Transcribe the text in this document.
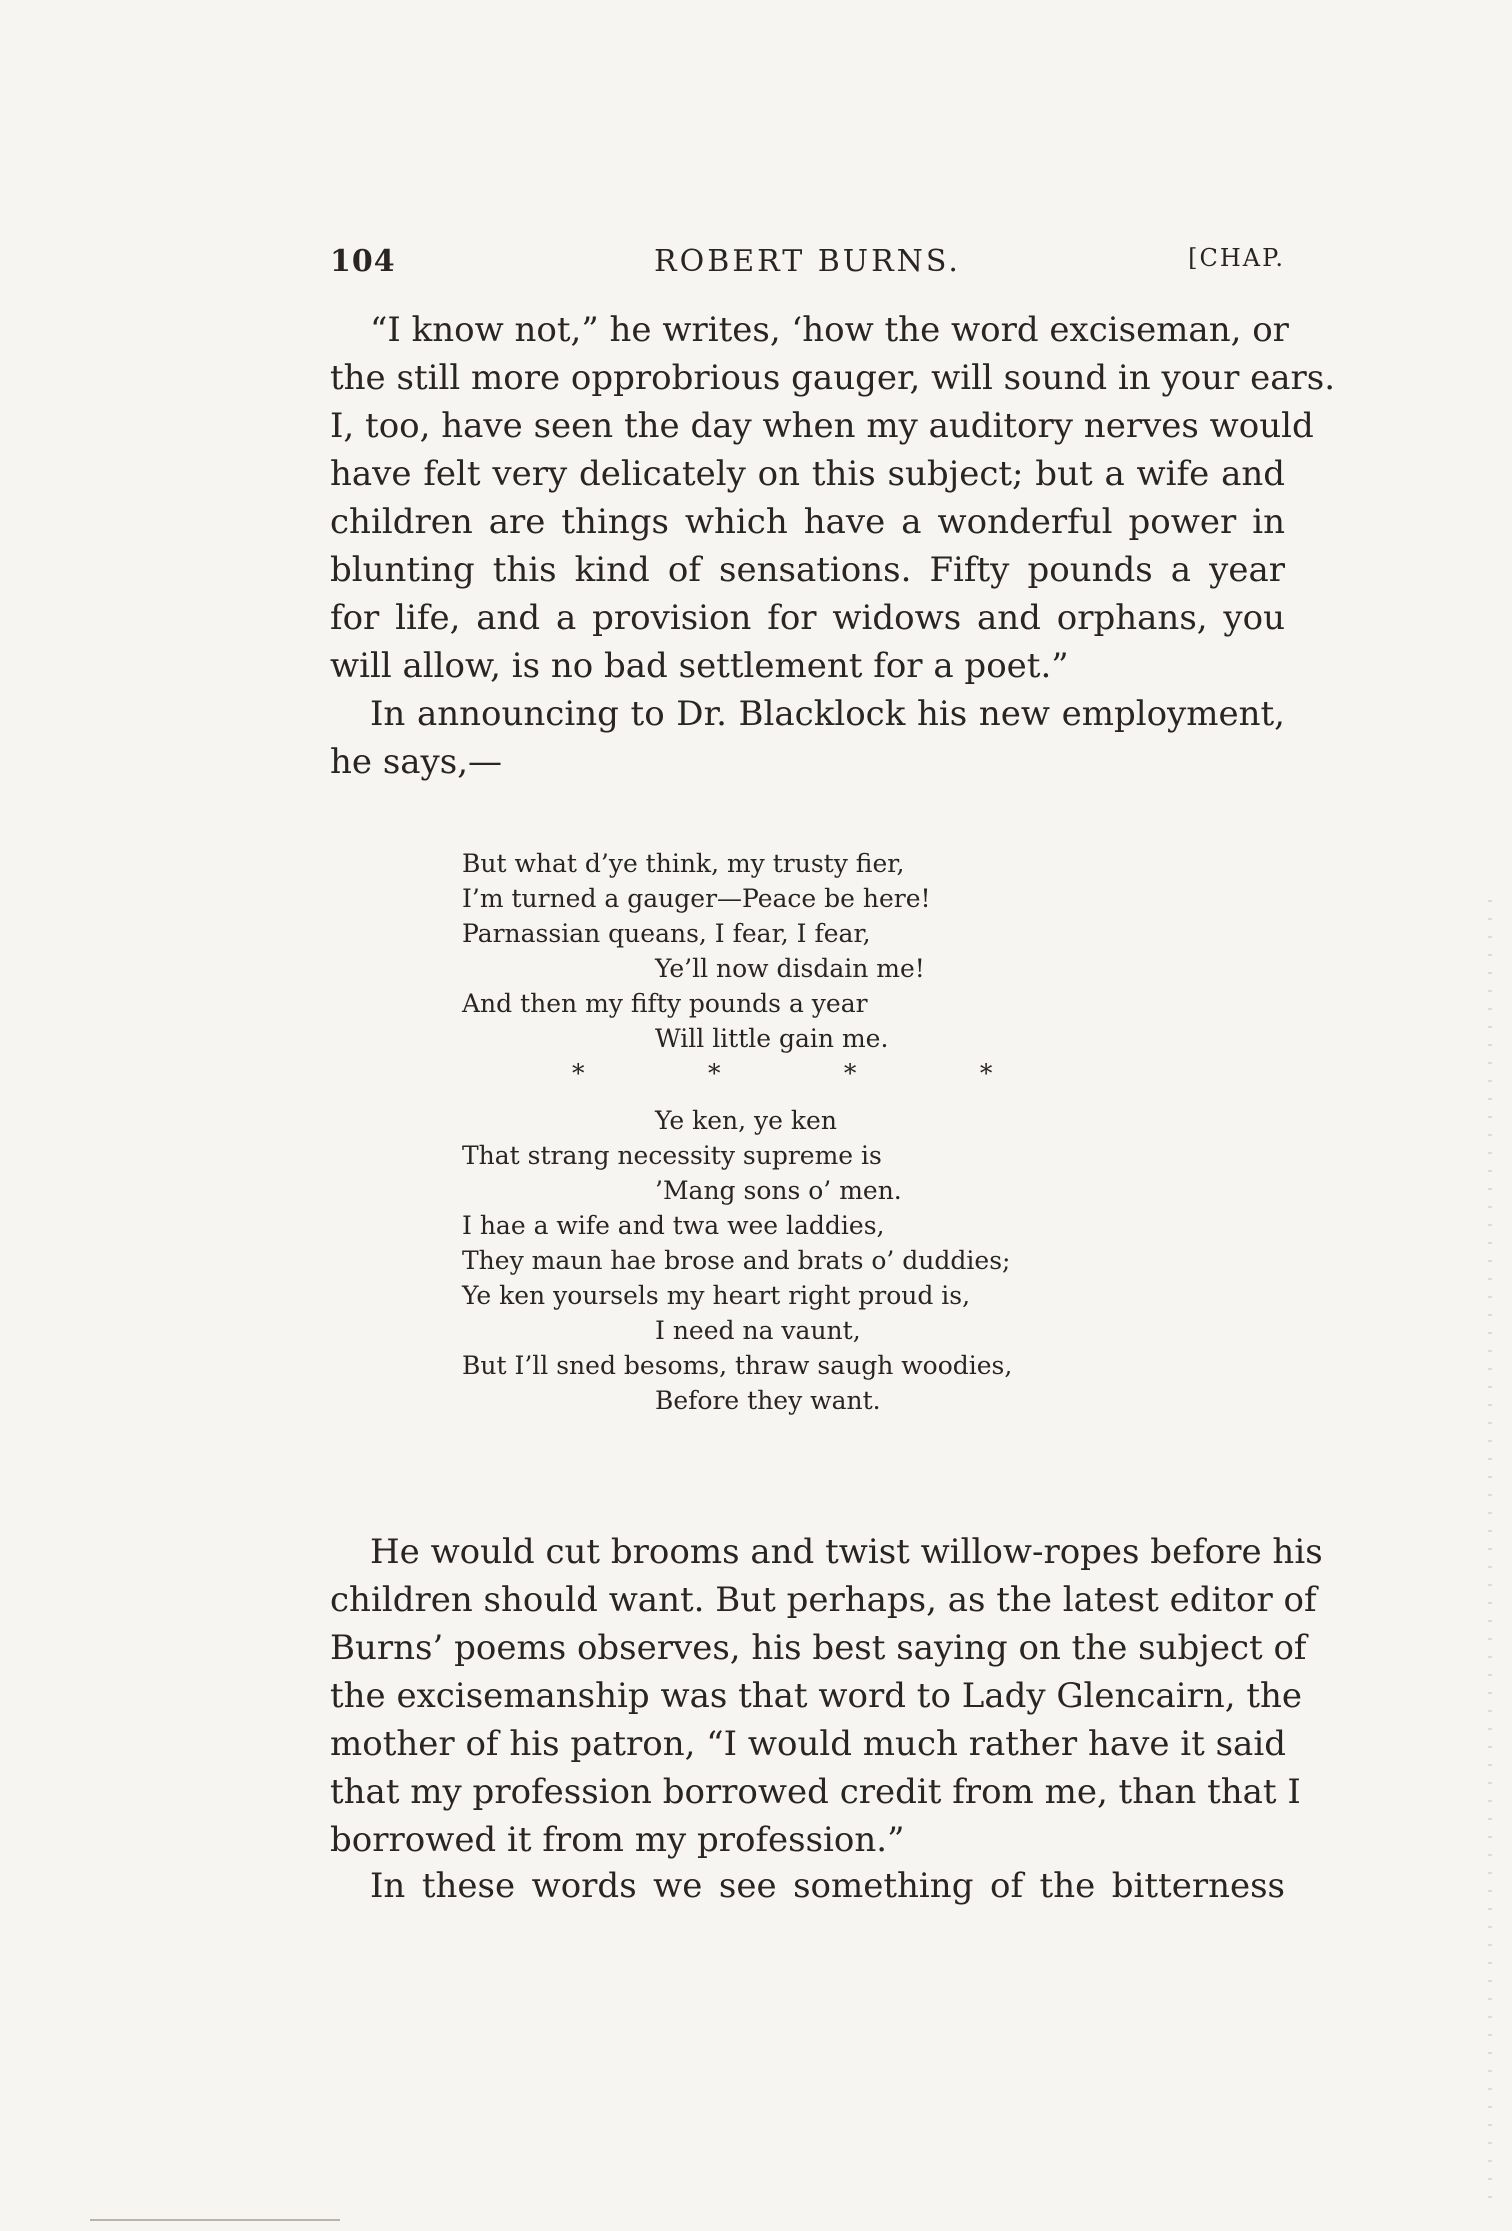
104	ROBERT BURNS.	[CHAP.

“I know not,” he writes, ‘how the word exciseman, or
the still more opprobrious gauger, will sound in your ears.
I, too, have seen the day when my auditory nerves would
have felt very delicately on this subject; but a wife and
children are things which have a wonderful power in
blunting this kind of sensations. Fifty pounds a year
for life, and a provision for widows and orphans, you
will allow, is no bad settlement for a poet.”

In announcing to Dr. Blacklock his new employment,
he says,—

But what d’ye think, my trusty fier,
I’m turned a gauger—Peace be here!
Parnassian queans, I fear, I fear,
Ye’ll now disdain me!
And then my fifty pounds a year
Will little gain me.
*          *          *          *
Ye ken, ye ken
That strang necessity supreme is
’Mang sons o’ men.
I hae a wife and twa wee laddies,
They maun hae brose and brats o’ duddies;
Ye ken yoursels my heart right proud is,
I need na vaunt,
But I’ll sned besoms, thraw saugh woodies,
Before they want.

He would cut brooms and twist willow-ropes before his
children should want. But perhaps, as the latest editor of
Burns’ poems observes, his best saying on the subject of
the excisemanship was that word to Lady Glencairn, the
mother of his patron, “I would much rather have it said
that my profession borrowed credit from me, than that I
borrowed it from my profession.”

In these words we see something of the bitterness
